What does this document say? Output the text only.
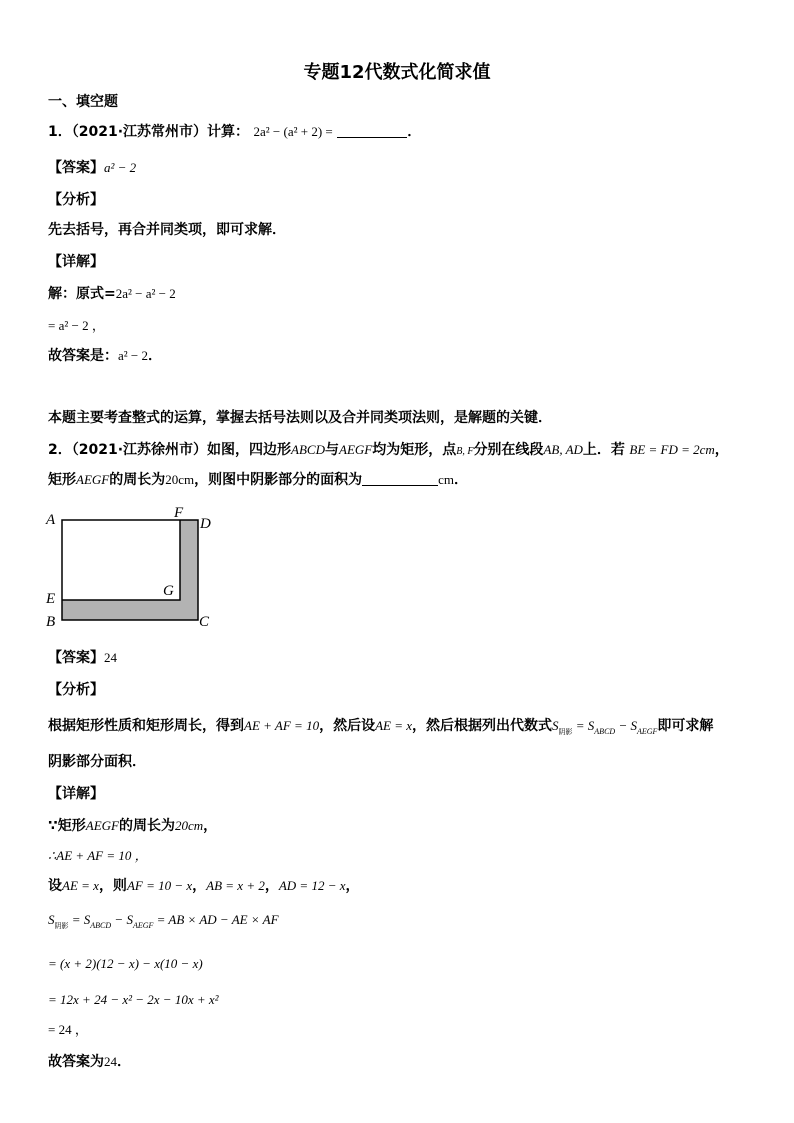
专题12代数式化简求值
一、填空题
1．（2021·江苏常州市）计算： 2a² − (a² + 2) =	．
【答案】a² − 2
【分析】
先去括号，再合并同类项，即可求解．
【详解】
解：原式=2a² − a² − 2
= a² − 2 ，
故答案是：a² − 2．
本题主要考查整式的运算，掌握去括号法则以及合并同类项法则，是解题的关键．
2．（2021·江苏徐州市）如图，四边形ABCD与AEGF均为矩形，点B, F分别在线段AB, AD上．若 BE = FD = 2cm，
矩形AEGF的周长为20cm，则图中阴影部分的面积为	cm．
A	F
D
E	G
B	C
【答案】24
【分析】
根据矩形性质和矩形周长，得到AE + AF = 10，然后设AE = x，然后根据列出代数式$S_{阴影} = S_{ABCD} - S_{AEGF}$即可求解
阴影部分面积．
【详解】
∵矩形AEGF的周长为20cm，
∴AE + AF = 10 ，
设AE = x，则AF = 10 − x，AB = x + 2，AD = 12 − x，
$S_{阴影} = S_{ABCD} - S_{AEGF}$ = AB × AD − AE × AF
= (x + 2)(12 − x) − x(10 − x)
= 12x + 24 − x² − 2x − 10x + x²
= 24 ，
故答案为24．
